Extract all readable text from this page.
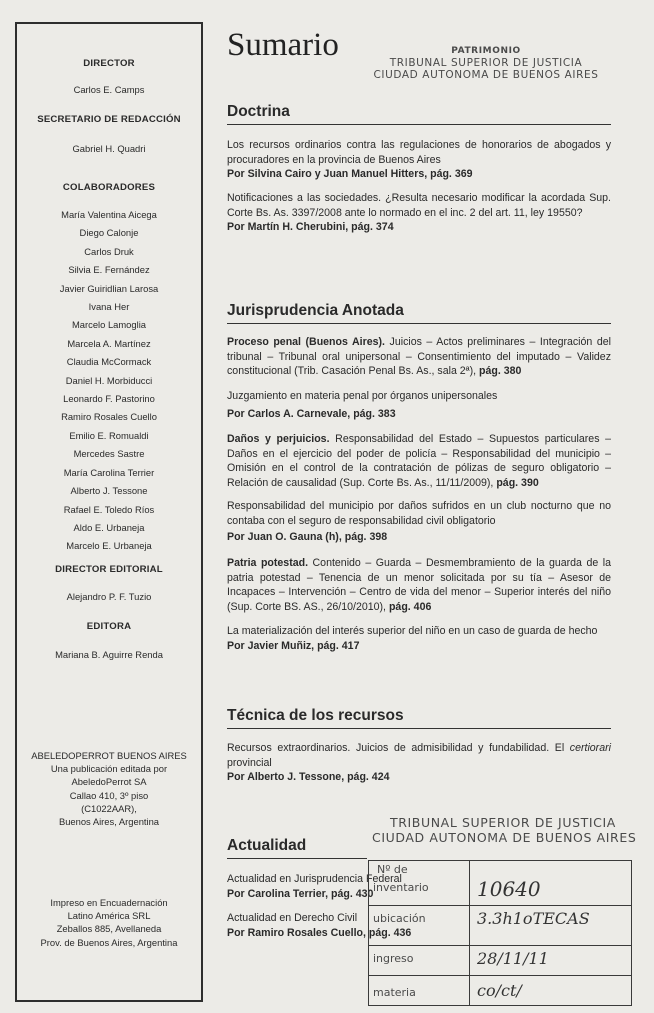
DIRECTOR
Carlos E. Camps
SECRETARIO DE REDACCIÓN
Gabriel H. Quadri
COLABORADORES
María Valentina Aicega
Diego Calonje
Carlos Druk
Silvia E. Fernández
Javier Guiridlian Larosa
Ivana Her
Marcelo Lamoglia
Marcela A. Martínez
Claudia McCormack
Daniel H. Morbiducci
Leonardo F. Pastorino
Ramiro Rosales Cuello
Emilio E. Romualdi
Mercedes Sastre
María Carolina Terrier
Alberto J. Tessone
Rafael E. Toledo Ríos
Aldo E. Urbaneja
Marcelo E. Urbaneja
DIRECTOR EDITORIAL
Alejandro P. F. Tuzio
EDITORA
Mariana B. Aguirre Renda
ABELEDOPERROT BUENOS AIRES
Una publicación editada por
AbeledoPerrot SA
Callao 410, 3º piso
(C1022AAR),
Buenos Aires, Argentina
Impreso en Encuadernación
Latino América SRL
Zeballos 885, Avellaneda
Prov. de Buenos Aires, Argentina
Sumario	PATRIMONIO
TRIBUNAL SUPERIOR DE JUSTICIA
CIUDAD AUTONOMA DE BUENOS AIRES
Doctrina
Los recursos ordinarios contra las regulaciones de honorarios de abogados y procuradores en la provincia de Buenos Aires
Por Silvina Cairo y Juan Manuel Hitters, pág. 369
Notificaciones a las sociedades. ¿Resulta necesario modificar la acordada Sup. Corte Bs. As. 3397/2008 ante lo normado en el inc. 2 del art. 11, ley 19550?
Por Martín H. Cherubini, pág. 374
Jurisprudencia Anotada
Proceso penal (Buenos Aires). Juicios – Actos preliminares – Integración del tribunal – Tribunal oral unipersonal – Consentimiento del imputado – Validez constitucional (Trib. Casación Penal Bs. As., sala 2ª), pág. 380
Juzgamiento en materia penal por órganos unipersonales
Por Carlos A. Carnevale, pág. 383
Daños y perjuicios. Responsabilidad del Estado – Supuestos particulares – Daños en el ejercicio del poder de policía – Responsabilidad del municipio – Omisión en el control de la contratación de pólizas de seguro obligatorio – Relación de causalidad (Sup. Corte Bs. As., 11/11/2009), pág. 390
Responsabilidad del municipio por daños sufridos en un club nocturno que no contaba con el seguro de responsabilidad civil obligatorio
Por Juan O. Gauna (h), pág. 398
Patria potestad. Contenido – Guarda – Desmembramiento de la guarda de la patria potestad – Tenencia de un menor solicitada por su tía – Asesor de Incapaces – Intervención – Centro de vida del menor – Superior interés del niño (Sup. Corte BS. AS., 26/10/2010), pág. 406
La materialización del interés superior del niño en un caso de guarda de hecho
Por Javier Muñiz, pág. 417
Técnica de los recursos
Recursos extraordinarios. Juicios de admisibilidad y fundabilidad. El certiorari provincial
Por Alberto J. Tessone, pág. 424
TRIBUNAL SUPERIOR DE JUSTICIA
CIUDAD AUTONOMA DE BUENOS AIRES
Actualidad
Actualidad en Jurisprudencia Federal
Por Carolina Terrier, pág. 430
Actualidad en Derecho Civil
Por Ramiro Rosales Cuello, pág. 436
Nº de
inventario 10640
ubicación	3.3h1oTECAS
ingreso	28/11/11
materia	co/ct/
